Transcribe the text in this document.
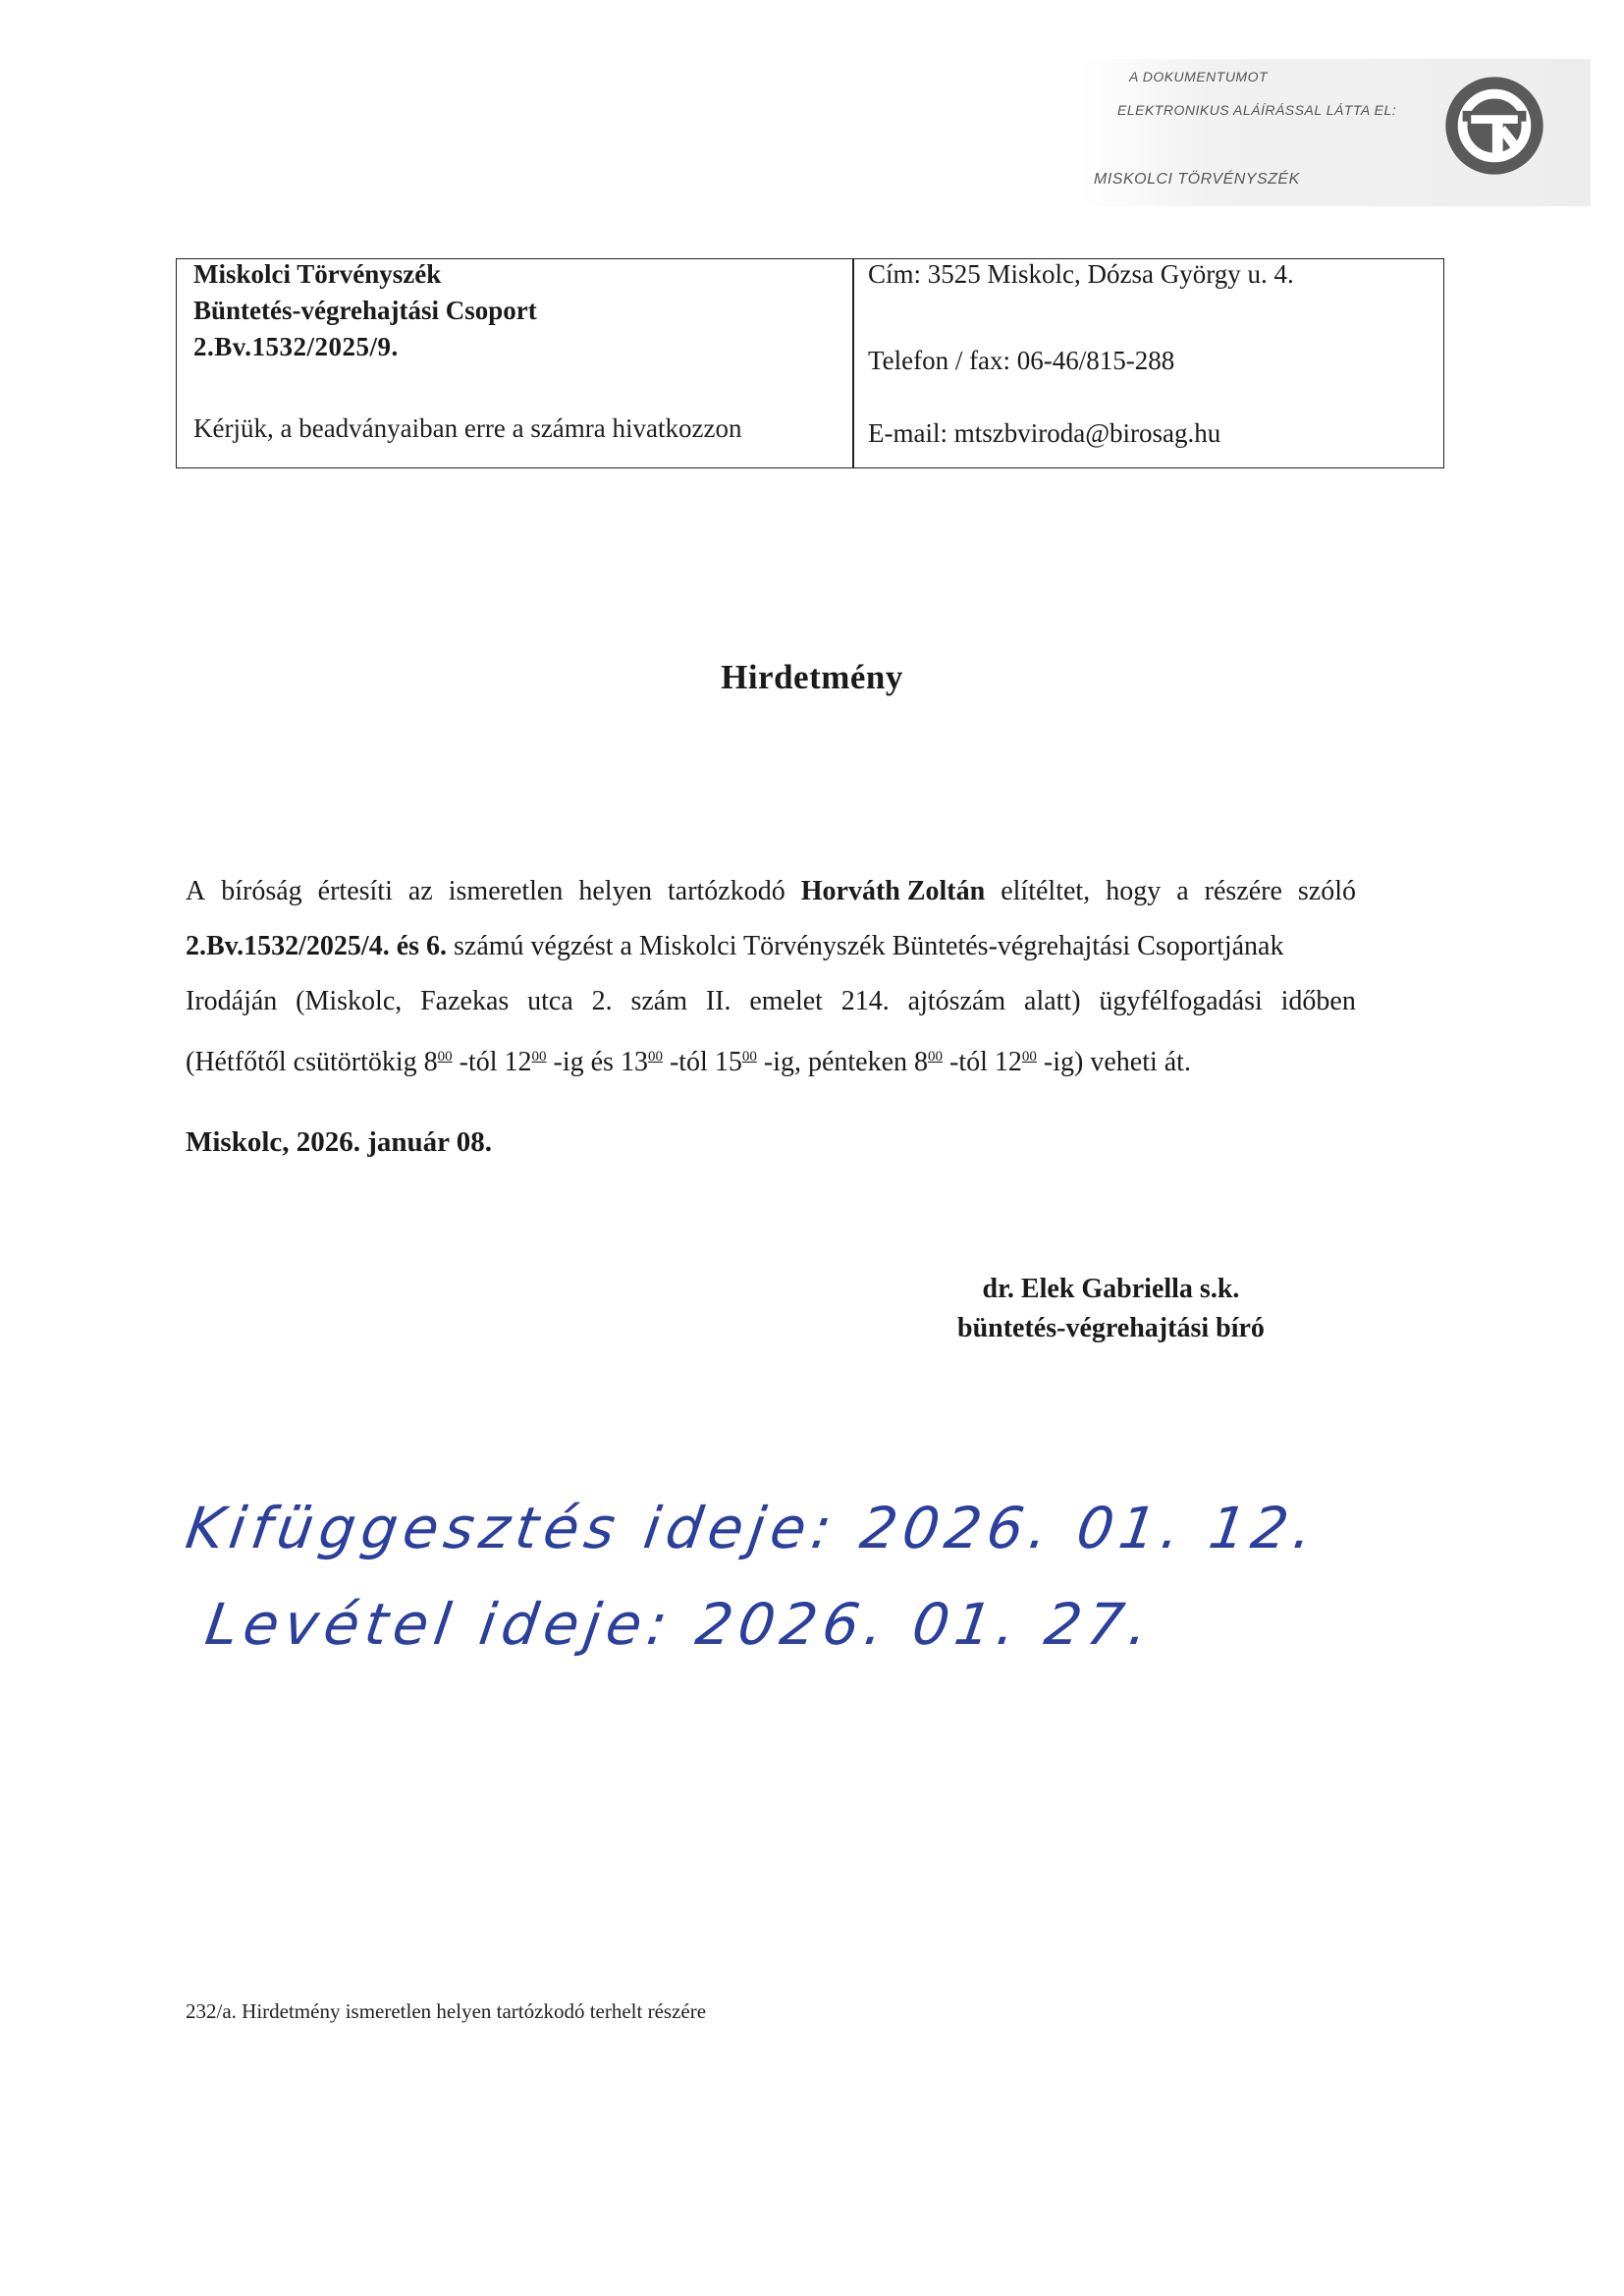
A DOKUMENTUMOT
ELEKTRONIKUS ALÁÍRÁSSAL LÁTTA EL:
MISKOLCI TÖRVÉNYSZÉK
Miskolci Törvényszék
Büntetés-végrehajtási Csoport
2.Bv.1532/2025/9.
Kérjük, a beadványaiban erre a számra hivatkozzon
Cím: 3525 Miskolc, Dózsa György u. 4.
Telefon / fax: 06-46/815-288
E-mail: mtszbviroda@birosag.hu
Hirdetmény
A bíróság értesíti az ismeretlen helyen tartózkodó Horváth Zoltán elítéltet, hogy a részére szóló
2.Bv.1532/2025/4. és 6. számú végzést a Miskolci Törvényszék Büntetés-végrehajtási Csoportjának
Irodáján (Miskolc, Fazekas utca 2. szám II. emelet 214. ajtószám alatt) ügyfélfogadási időben
(Hétfőtől csütörtökig $8^{00}$ -tól $12^{00}$ -ig és $13^{00}$ -tól $15^{00}$ -ig, pénteken $8^{00}$ -tól $12^{00}$ -ig) veheti át.
Miskolc, 2026. január 08.
dr. Elek Gabriella s.k.
büntetés-végrehajtási bíró
Kifüggesztés ideje: 2026. 01. 12.
Levétel ideje: 2026. 01. 27.
232/a. Hirdetmény ismeretlen helyen tartózkodó terhelt részére
